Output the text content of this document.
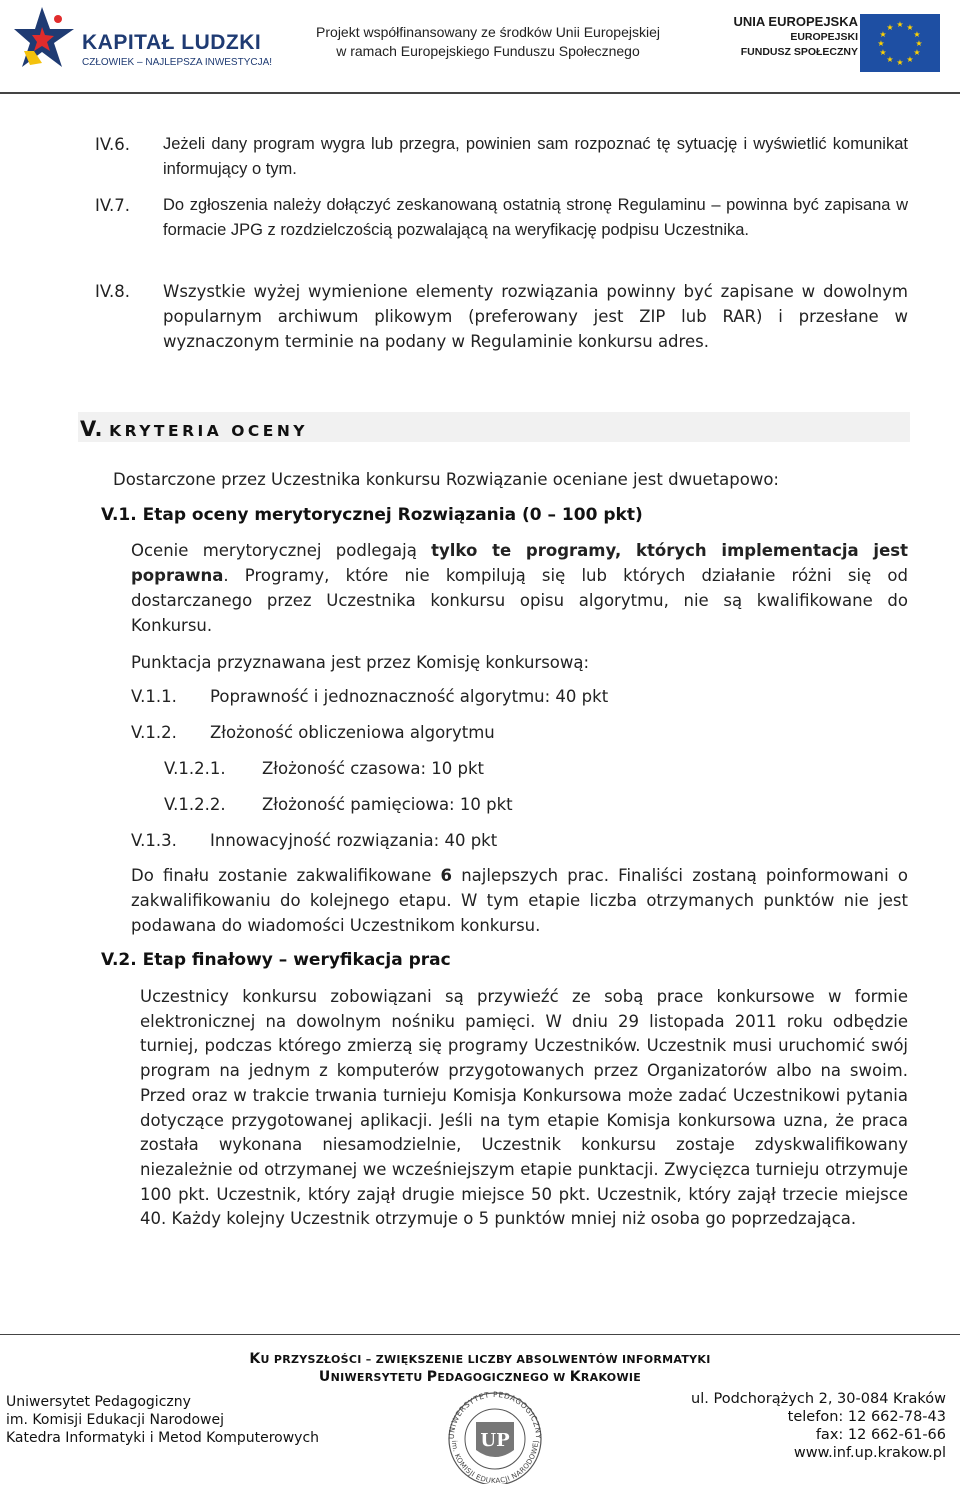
KAPITAŁ LUDZKI
CZŁOWIEK – NAJLEPSZA INWESTYCJA!
Projekt współfinansowany ze środków Unii Europejskiej
w ramach Europejskiego Funduszu Społecznego
UNIA EUROPEJSKA
EUROPEJSKI
FUNDUSZ SPOŁECZNY
★ ★
★
★
★
★
★
★
★
★
★
★
IV.6. Jeżeli dany program wygra lub przegra, powinien sam rozpoznać tę sytuację i wyświetlić komunikat informujący o tym.

IV.7. Do zgłoszenia należy dołączyć zeskanowaną ostatnią stronę Regulaminu – powinna być zapisana w formacie JPG z rozdzielczością pozwalającą na weryfikację podpisu Uczestnika.

IV.8. Wszystkie wyżej wymienione elementy rozwiązania powinny być zapisane w dowolnym popularnym archiwum plikowym (preferowany jest ZIP lub RAR) i przesłane w wyznaczonym terminie na podany w Regulaminie konkursu adres.

V. KRYTERIA OCENY
Dostarczone przez Uczestnika konkursu Rozwiązanie oceniane jest dwuetapowo:
V.1. Etap oceny merytorycznej Rozwiązania (0 – 100 pkt)

Ocenie merytorycznej podlegają tylko te programy, których implementacja jest poprawna. Programy, które nie kompilują się lub których działanie różni się od dostarczanego przez Uczestnika konkursu opisu algorytmu, nie są kwalifikowane do Konkursu.

Punktacja przyznawana jest przez Komisję konkursową:
V.1.1. Poprawność i jednoznaczność algorytmu: 40 pkt
V.1.2. Złożoność obliczeniowa algorytmu
V.1.2.1. Złożoność czasowa: 10 pkt
V.1.2.2. Złożoność pamięciowa: 10 pkt
V.1.3. Innowacyjność rozwiązania: 40 pkt

Do finału zostanie zakwalifikowane 6 najlepszych prac. Finaliści zostaną poinformowani o zakwalifikowaniu do kolejnego etapu. W tym etapie liczba otrzymanych punktów nie jest podawana do wiadomości Uczestnikom konkursu.

V.2. Etap finałowy – weryfikacja prac

Uczestnicy konkursu zobowiązani są przywieźć ze sobą prace konkursowe w formie elektronicznej na dowolnym nośniku pamięci. W dniu 29 listopada 2011 roku odbędzie turniej, podczas którego zmierzą się programy Uczestników. Uczestnik musi uruchomić swój program na jednym z komputerów przygotowanych przez Organizatorów albo na swoim. Przed oraz w trakcie trwania turnieju Komisja Konkursowa może zadać Uczestnikowi pytania dotyczące przygotowanej aplikacji. Jeśli na tym etapie Komisja konkursowa uzna, że praca została wykonana niesamodzielnie, Uczestnik konkursu zostaje zdyskwalifikowany niezależnie od otrzymanej we wcześniejszym etapie punktacji. Zwycięzca turnieju otrzymuje 100 pkt. Uczestnik, który zajął drugie miejsce 50 pkt. Uczestnik, który zajął trzecie miejsce 40. Każdy kolejny Uczestnik otrzymuje o 5 punktów mniej niż osoba go poprzedzająca.

KU PRZYSZŁOŚCI – ZWIĘKSZENIE LICZBY ABSOLWENTÓW INFORMATYKI
UNIWERSYTETU PEDAGOGICZNEGO W KRAKOWIE
Uniwersytet Pedagogiczny
im. Komisji Edukacji Narodowej
Katedra Informatyki i Metod Komputerowych	UNIWERSYTET PEDAGOGICZNY
im. KOMISJI EDUKACJI NARODOWEJ
UP
ul. Podchorążych 2, 30-084 Kraków
telefon: 12 662-78-43
fax: 12 662-61-66
www.inf.up.krakow.pl
